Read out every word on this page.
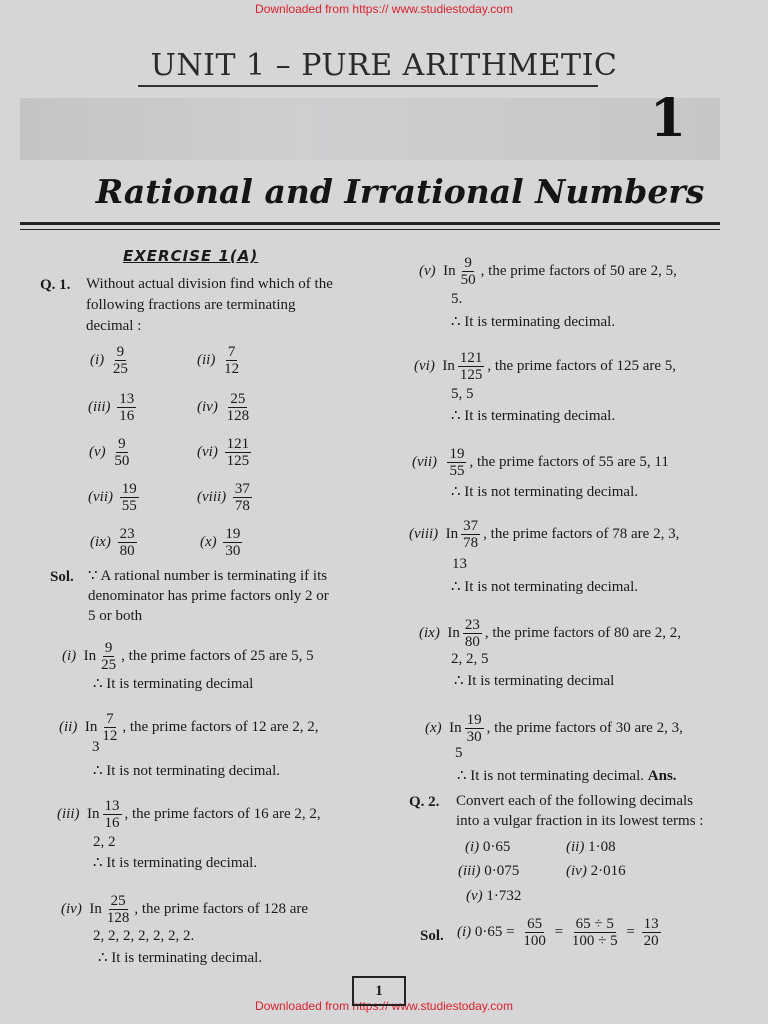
Downloaded from https:// www.studiestoday.com
Downloaded from https:// www.studiestoday.com
UNIT 1 – PURE ARITHMETIC
1
Rational and Irrational Numbers
EXERCISE 1(A)
Q. 1. Without actual division find which of the
following fractions are terminating
decimal :
$(i) \frac{9}{25}$	$(ii) \frac{7}{12}$
$(iii) \frac{13}{16}$	$(iv) \frac{25}{128}$
$(v) \frac{9}{50}$	$(vi) \frac{121}{125}$
$(vii) \frac{19}{55}$	(viii) $\frac{37}{78}$
$(ix) \frac{23}{80}$	$(x) \frac{19}{30}$
Sol. ∵ A rational number is terminating if its
denominator has prime factors only 2 or
5 or both
(i) In $\frac{9}{25}$ , the prime factors of 25 are 5, 5
∴ It is terminating decimal
(ii) In $\frac{7}{12}$ , the prime factors of 12 are 2, 2,
3
∴ It is not terminating decimal.
(iii) In $\frac{13}{16}$ , the prime factors of 16 are 2, 2,
2, 2
∴ It is terminating decimal.
(iv) In $\frac{25}{128}$ , the prime factors of 128 are
2, 2, 2, 2, 2, 2, 2.
∴ It is terminating decimal.
(v) In $\frac{9}{50}$ , the prime factors of 50 are 2, 5,
5.
∴ It is terminating decimal.
(vi) In $\frac{121}{125}$ , the prime factors of 125 are 5,
5, 5
∴ It is terminating decimal.
$(vii) \frac{19}{55}$ , the prime factors of 55 are 5, 11
∴ It is not terminating decimal.
(viii) In $\frac{37}{78}$ , the prime factors of 78 are 2, 3,
13
∴ It is not terminating decimal.
(ix) In $\frac{23}{80}$ , the prime factors of 80 are 2, 2,
2, 2, 5
∴ It is terminating decimal
(x) In $\frac{19}{30}$ , the prime factors of 30 are 2, 3,
5
∴ It is not terminating decimal. Ans.
Q. 2. Convert each of the following decimals
into a vulgar fraction in its lowest terms :
(i) 0·65	(ii) 1·08
(iii) 0·075	(iv) 2·016
(v) 1·732
Sol. (i) $0\cdot 65 = \frac{65}{100} = \frac{65 \div 5}{100 \div 5} = \frac{13}{20}$
1
